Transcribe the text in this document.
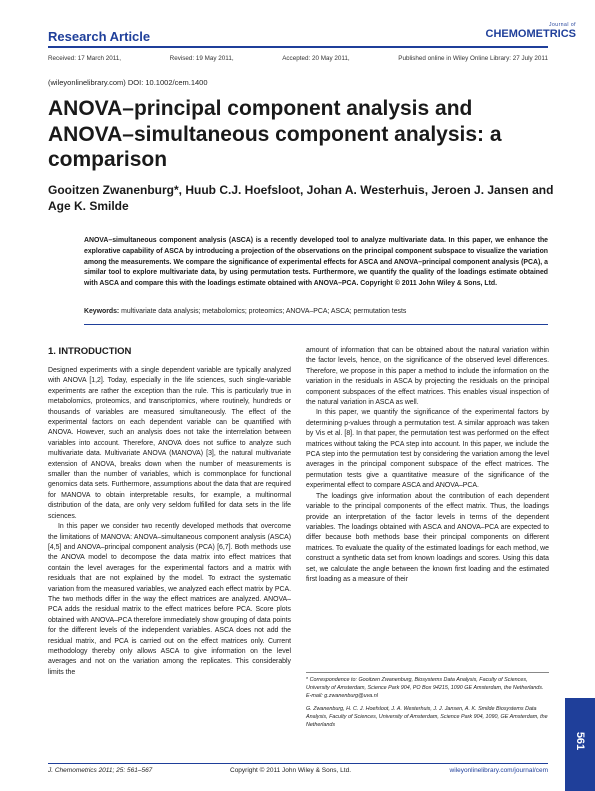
Research Article
Journal of
CHEMOMETRICS
Received: 17 March 2011,	Revised: 19 May 2011,	Accepted: 20 May 2011,	Published online in Wiley Online Library: 27 July 2011
(wileyonlinelibrary.com) DOI: 10.1002/cem.1400
ANOVA–principal component analysis and ANOVA–simultaneous component analysis: a comparison
Gooitzen Zwanenburg*, Huub C.J. Hoefsloot, Johan A. Westerhuis, Jeroen J. Jansen and Age K. Smilde
ANOVA–simultaneous component analysis (ASCA) is a recently developed tool to analyze multivariate data. In this paper, we enhance the explorative capability of ASCA by introducing a projection of the observations on the principal component subspace to visualize the variation among the measurements. We compare the significance of experimental effects for ASCA and ANOVA–principal component analysis (PCA), a similar tool to explore multivariate data, by using permutation tests. Furthermore, we quantify the quality of the loadings estimate obtained with ASCA and compare this with the loadings estimate obtained with ANOVA–PCA. Copyright © 2011 John Wiley & Sons, Ltd.
Keywords: multivariate data analysis; metabolomics; proteomics; ANOVA–PCA; ASCA; permutation tests
1. INTRODUCTION

Designed experiments with a single dependent variable are typically analyzed with ANOVA [1,2]. Today, especially in the life sciences, such single-variable experiments are rather the exception than the rule. This is particularly true in metabolomics, proteomics, and transcriptomics, where routinely, hundreds or thousands of variables are measured simultaneously. The effect of the experimental factors on each dependent variable can be quantified with ANOVA. However, such an analysis does not take the interrelation between variables into account. Therefore, ANOVA does not suffice to analyze such multivariate data. Multivariate ANOVA (MANOVA) [3], the natural multivariate extension of ANOVA, breaks down when the number of measurements is smaller than the number of variables, which is commonplace for functional genomics data sets. Furthermore, assumptions about the data that are required for MANOVA to obtain interpretable results, for example, a multinormal distribution of the data, are only very seldom fulfilled for data sets in the life sciences.

In this paper we consider two recently developed methods that overcome the limitations of MANOVA: ANOVA–simultaneous component analysis (ASCA) [4,5] and ANOVA–principal component analysis (PCA) [6,7]. Both methods use the ANOVA model to decompose the data matrix into effect matrices that contain the level averages for the experimental factors and a matrix with residuals that are not explained by the model. To extract the systematic variation from the measured variables, we analyzed each effect matrix by PCA. The two methods differ in the way the effect matrices are analyzed. ANOVA–PCA adds the residual matrix to the effect matrices before PCA. Score plots obtained with ANOVA–PCA therefore immediately show grouping of data points for the different levels of the independent variables. ASCA does not add the residual matrix, and PCA is carried out on the effect matrices only. Current methodology thereby only allows ASCA to give information on the level averages and not on the variation among the replicates. This considerably limits the

amount of information that can be obtained about the natural variation within the factor levels, hence, on the significance of the observed level differences. Therefore, we propose in this paper a method to include the information on the variation in the residuals in ASCA by projecting the residuals on the principal component subspaces of the effect matrices. This enables visual inspection of the natural variation in ASCA as well.

In this paper, we quantify the significance of the experimental factors by determining p-values through a permutation test. A similar approach was taken by Vis et al. [8]. In that paper, the permutation test was performed on the effect matrices without taking the PCA step into account. In this paper, we include the PCA step into the permutation test by considering the variation among the level averages in the principal component subspace of the effect matrices. The permutation tests give a quantitative measure of the significance of the experimental effect to compare ASCA and ANOVA–PCA.

The loadings give information about the contribution of each dependent variable to the principal components of the effect matrix. Thus, the loadings provide an interpretation of the factor levels in terms of the dependent variables. The loadings obtained with ASCA and ANOVA–PCA are expected to differ because both methods base their principal components on different matrices. To evaluate the quality of the estimated loadings for each method, we construct a synthetic data set from known loadings and scores. Using this data set, we calculate the angle between the known first loading and the estimated first loading as a measure of their

* Correspondence to: Gooitzen Zwanenburg, Biosystems Data Analysis, Faculty of Sciences, University of Amsterdam, Science Park 904, PO Box 94215, 1090 GE Amsterdam, the Netherlands.
E-mail: g.zwanenburg@uva.nl

G. Zwanenburg, H. C. J. Hoefsloot, J. A. Westerhuis, J. J. Jansen, A. K. Smilde Biosystems Data Analysis, Faculty of Sciences, University of Amsterdam, Science Park 904, 1090, GE Amsterdam, the Netherlands

561
J. Chemometrics 2011; 25: 561–567	Copyright © 2011 John Wiley & Sons, Ltd.	wileyonlinelibrary.com/journal/cem
